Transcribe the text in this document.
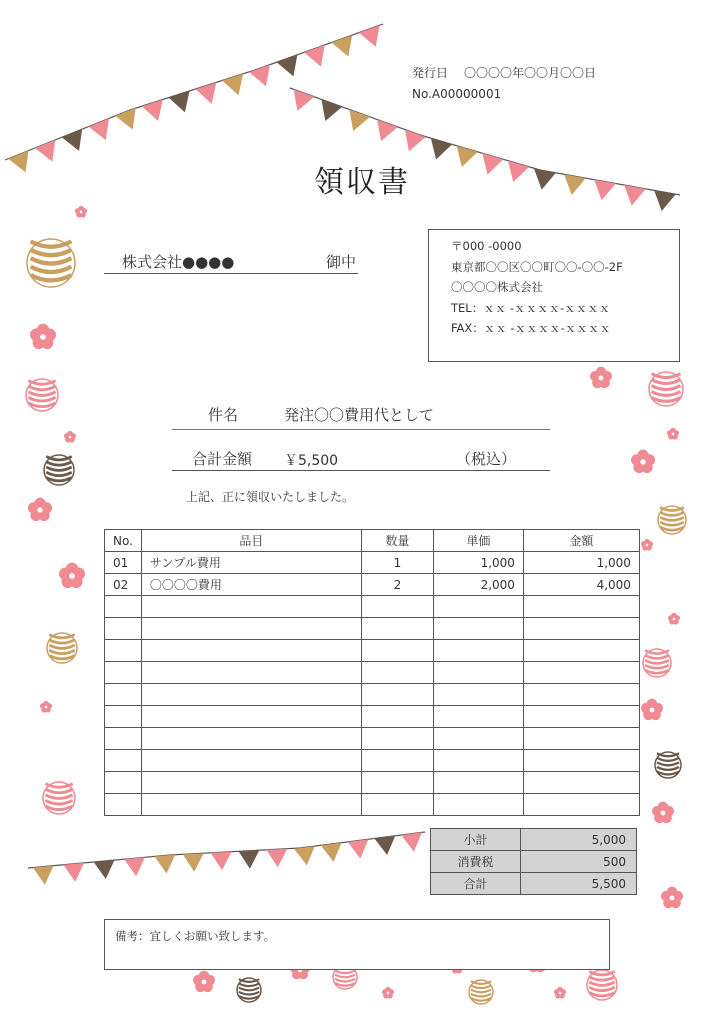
発行日 〇〇〇〇年〇〇月〇〇日
No.A00000001
領収書
株式会社●●●●	御中
〒000 -0000
東京都〇〇区〇〇町〇〇-〇〇-2F
〇〇〇〇株式会社
TEL：ｘｘ -ｘｘｘｘ-ｘｘｘｘ
FAX：ｘｘ -ｘｘｘｘ-ｘｘｘｘ
件名	発注〇〇費用代として
合計金額 ￥5,500	（税込）
上記、正に領収いたしました。
No.	品目	数量	単価	金額
01	サンプル費用	1	1,000	1,000
02	〇〇〇〇費用	2	2,000	4,000

小計	5,000
消費税	500
合計	5,500
備考：宜しくお願い致します。
